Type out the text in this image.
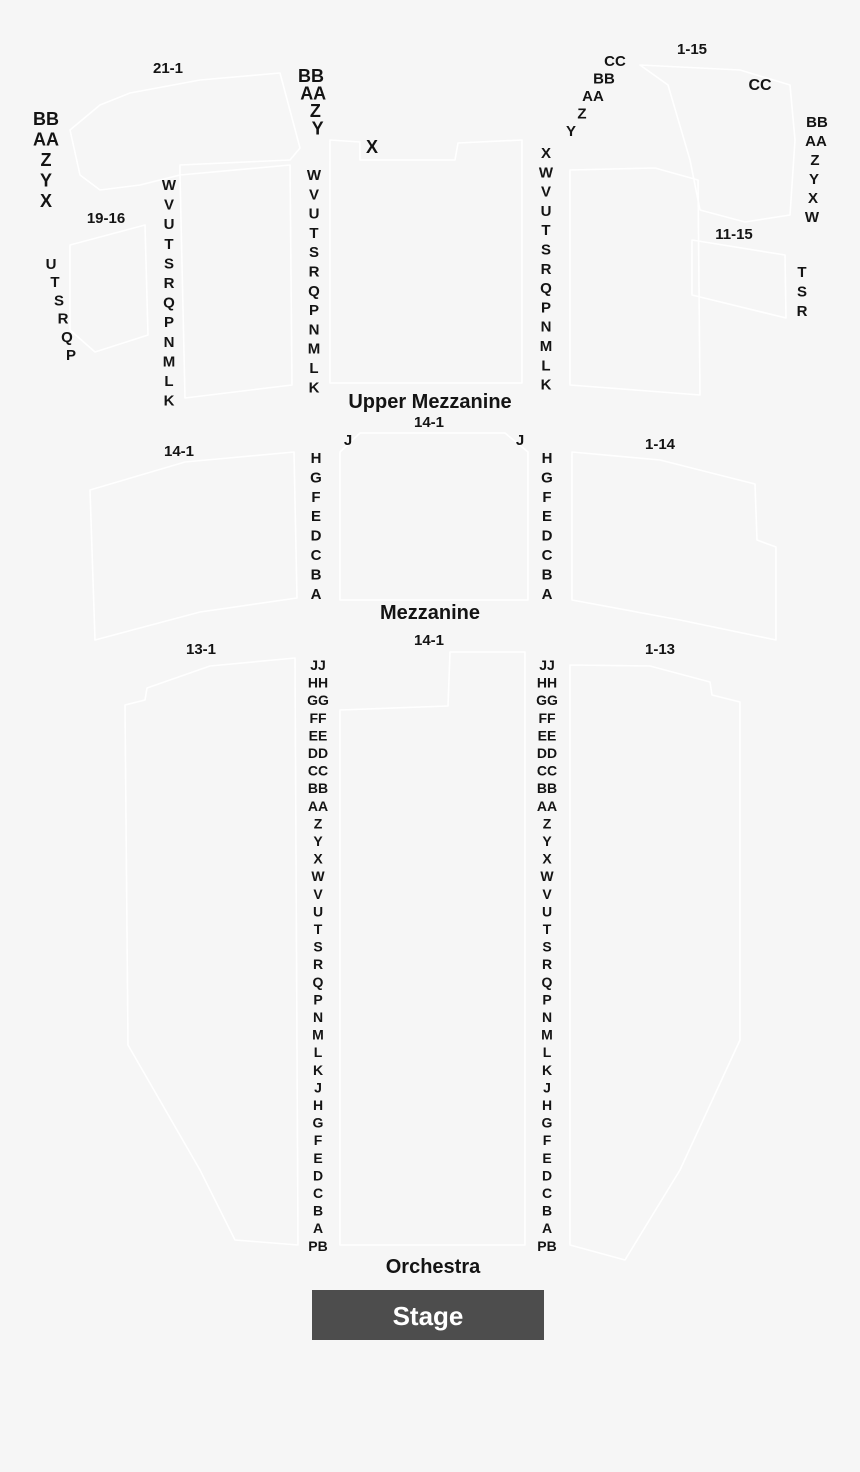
21-1
19-16
14-1
1-15
11-15
14-1	1-14
13-1
14-1
1-13
X
CC
J	J
BB
AA
Z
Y
X
U
T
S
R
Q
P
W
V
U
T
S
R
Q
P
N
M
L
K
BB
AA
Z
Y
W
V
U
T
S
R
Q
P
N
M
L
K
X
W
V
U
T
S
R
Q
P
N
M
L
K
CC
BB
AA
Z
Y
BB
AA
Z
Y
X
W
T
S
R
H
G
F
E
D
C
B
A
H
G
F
E
D
C
B
A
JJ
HH
GG
FF
EE
DD
CC
BB
AA
Z
Y
X
W
V
U
T
S
R
Q
P
N
M
L
K
J
H
G
F
E
D
C
B
A
PB
JJ
HH
GG
FF
EE
DD
CC
BB
AA
Z
Y
X
W
V
U
T
S
R
Q
P
N
M
L
K
J
H
G
F
E
D
C
B
A
PB
Upper Mezzanine
Mezzanine
Orchestra
Stage
